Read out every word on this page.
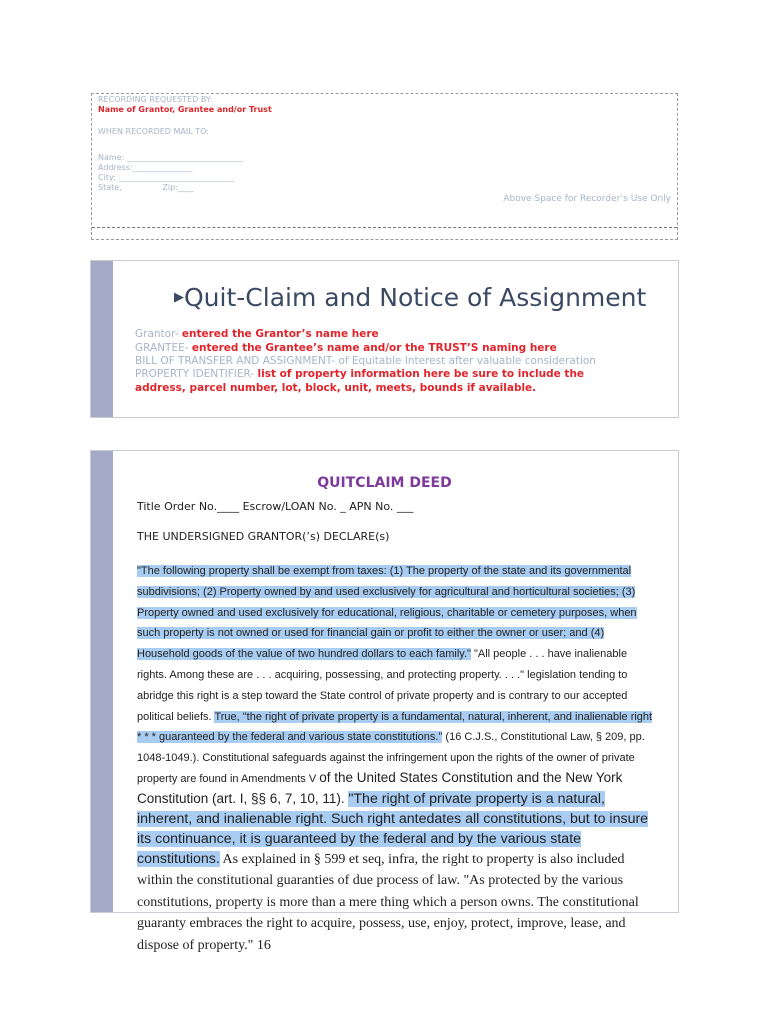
RECORDING REQUESTED BY:
Name of Grantor, Grantee and/or Trust
WHEN RECORDED MAIL TO:
Name: _____________________________
Address:_______________
City: _____________________________
State,                Zip:____
Above Space for Recorder’s Use Only
▶Quit-Claim and Notice of Assignment
Grantor- entered the Grantor’s name here
GRANTEE- entered the Grantee’s name and/or the TRUST’S naming here
BILL OF TRANSFER AND ASSIGNMENT- of Equitable Interest after valuable consideration
PROPERTY IDENTIFIER- list of property information here be sure to include the
address, parcel number, lot, block, unit, meets, bounds if available.
QUITCLAIM DEED
Title Order No.____ Escrow/LOAN No. _ APN No. ___
THE UNDERSIGNED GRANTOR(’s) DECLARE(s)
"The following property shall be exempt from taxes: (1) The property of the state and its governmental subdivisions; (2) Property owned by and used exclusively for agricultural and horticultural societies; (3) Property owned and used exclusively for educational, religious, charitable or cemetery purposes, when such property is not owned or used for financial gain or profit to either the owner or user; and (4) Household goods of the value of two hundred dollars to each family." "All people . . . have inalienable rights. Among these are . . . acquiring, possessing, and protecting property. . . ." legislation tending to abridge this right is a step toward the State control of private property and is contrary to our accepted political beliefs. True, "the right of private property is a fundamental, natural, inherent, and inalienable right * * * guaranteed by the federal and various state constitutions." (16 C.J.S., Constitutional Law, § 209, pp. 1048-1049.). Constitutional safeguards against the infringement upon the rights of the owner of private property are found in Amendments V of the United States Constitution and the New York Constitution (art. I, §§ 6, 7, 10, 11). "The right of private property is a natural, inherent, and inalienable right. Such right antedates all constitutions, but to insure its continuance, it is guaranteed by the federal and by the various state constitutions. As explained in § 599 et seq, infra, the right to property is also included within the constitutional guaranties of due process of law. "As protected by the various constitutions, property is more than a mere thing which a person owns. The constitutional guaranty embraces the right to acquire, possess, use, enjoy, protect, improve, lease, and dispose of property." 16
